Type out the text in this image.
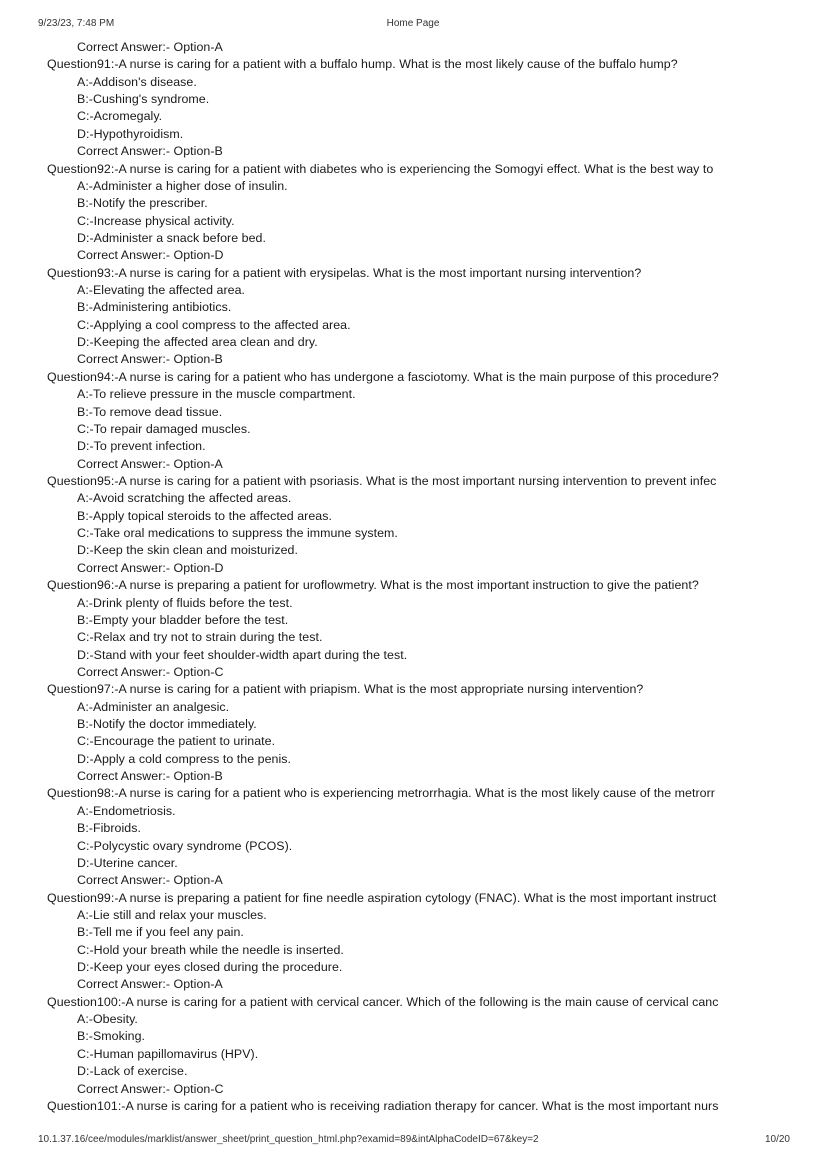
9/23/23, 7:48 PM	Home Page
Correct Answer:- Option-A
Question91:-A nurse is caring for a patient with a buffalo hump. What is the most likely cause of the buffalo hump?
A:-Addison's disease.
B:-Cushing's syndrome.
C:-Acromegaly.
D:-Hypothyroidism.
Correct Answer:- Option-B
Question92:-A nurse is caring for a patient with diabetes who is experiencing the Somogyi effect. What is the best way to
A:-Administer a higher dose of insulin.
B:-Notify the prescriber.
C:-Increase physical activity.
D:-Administer a snack before bed.
Correct Answer:- Option-D
Question93:-A nurse is caring for a patient with erysipelas. What is the most important nursing intervention?
A:-Elevating the affected area.
B:-Administering antibiotics.
C:-Applying a cool compress to the affected area.
D:-Keeping the affected area clean and dry.
Correct Answer:- Option-B
Question94:-A nurse is caring for a patient who has undergone a fasciotomy. What is the main purpose of this procedure?
A:-To relieve pressure in the muscle compartment.
B:-To remove dead tissue.
C:-To repair damaged muscles.
D:-To prevent infection.
Correct Answer:- Option-A
Question95:-A nurse is caring for a patient with psoriasis. What is the most important nursing intervention to prevent infec
A:-Avoid scratching the affected areas.
B:-Apply topical steroids to the affected areas.
C:-Take oral medications to suppress the immune system.
D:-Keep the skin clean and moisturized.
Correct Answer:- Option-D
Question96:-A nurse is preparing a patient for uroflowmetry. What is the most important instruction to give the patient?
A:-Drink plenty of fluids before the test.
B:-Empty your bladder before the test.
C:-Relax and try not to strain during the test.
D:-Stand with your feet shoulder-width apart during the test.
Correct Answer:- Option-C
Question97:-A nurse is caring for a patient with priapism. What is the most appropriate nursing intervention?
A:-Administer an analgesic.
B:-Notify the doctor immediately.
C:-Encourage the patient to urinate.
D:-Apply a cold compress to the penis.
Correct Answer:- Option-B
Question98:-A nurse is caring for a patient who is experiencing metrorrhagia. What is the most likely cause of the metrorr
A:-Endometriosis.
B:-Fibroids.
C:-Polycystic ovary syndrome (PCOS).
D:-Uterine cancer.
Correct Answer:- Option-A
Question99:-A nurse is preparing a patient for fine needle aspiration cytology (FNAC). What is the most important instruct
A:-Lie still and relax your muscles.
B:-Tell me if you feel any pain.
C:-Hold your breath while the needle is inserted.
D:-Keep your eyes closed during the procedure.
Correct Answer:- Option-A
Question100:-A nurse is caring for a patient with cervical cancer. Which of the following is the main cause of cervical canc
A:-Obesity.
B:-Smoking.
C:-Human papillomavirus (HPV).
D:-Lack of exercise.
Correct Answer:- Option-C
Question101:-A nurse is caring for a patient who is receiving radiation therapy for cancer. What is the most important nurs
10.1.37.16/cee/modules/marklist/answer_sheet/print_question_html.php?examid=89&intAlphaCodeID=67&key=2	10/20
